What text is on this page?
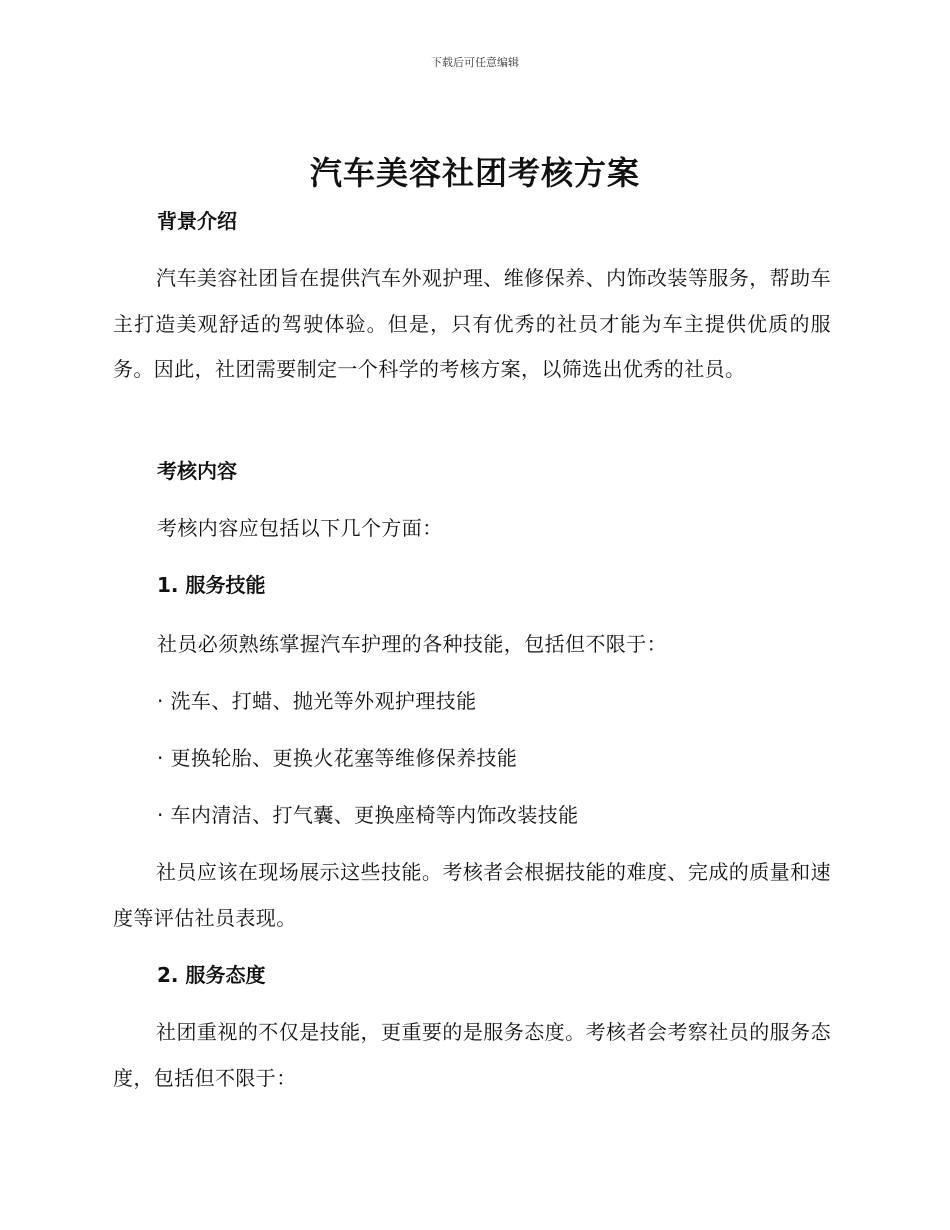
下载后可任意编辑
汽车美容社团考核方案
背景介绍

汽车美容社团旨在提供汽车外观护理、维修保养、内饰改装等服务，帮助车主打造美观舒适的驾驶体验。但是，只有优秀的社员才能为车主提供优质的服务。因此，社团需要制定一个科学的考核方案，以筛选出优秀的社员。

考核内容

考核内容应包括以下几个方面：

1. 服务技能

社员必须熟练掌握汽车护理的各种技能，包括但不限于：

· 洗车、打蜡、抛光等外观护理技能

· 更换轮胎、更换火花塞等维修保养技能

· 车内清洁、打气囊、更换座椅等内饰改装技能

社员应该在现场展示这些技能。考核者会根据技能的难度、完成的质量和速度等评估社员表现。

2. 服务态度

社团重视的不仅是技能，更重要的是服务态度。考核者会考察社员的服务态度，包括但不限于：
